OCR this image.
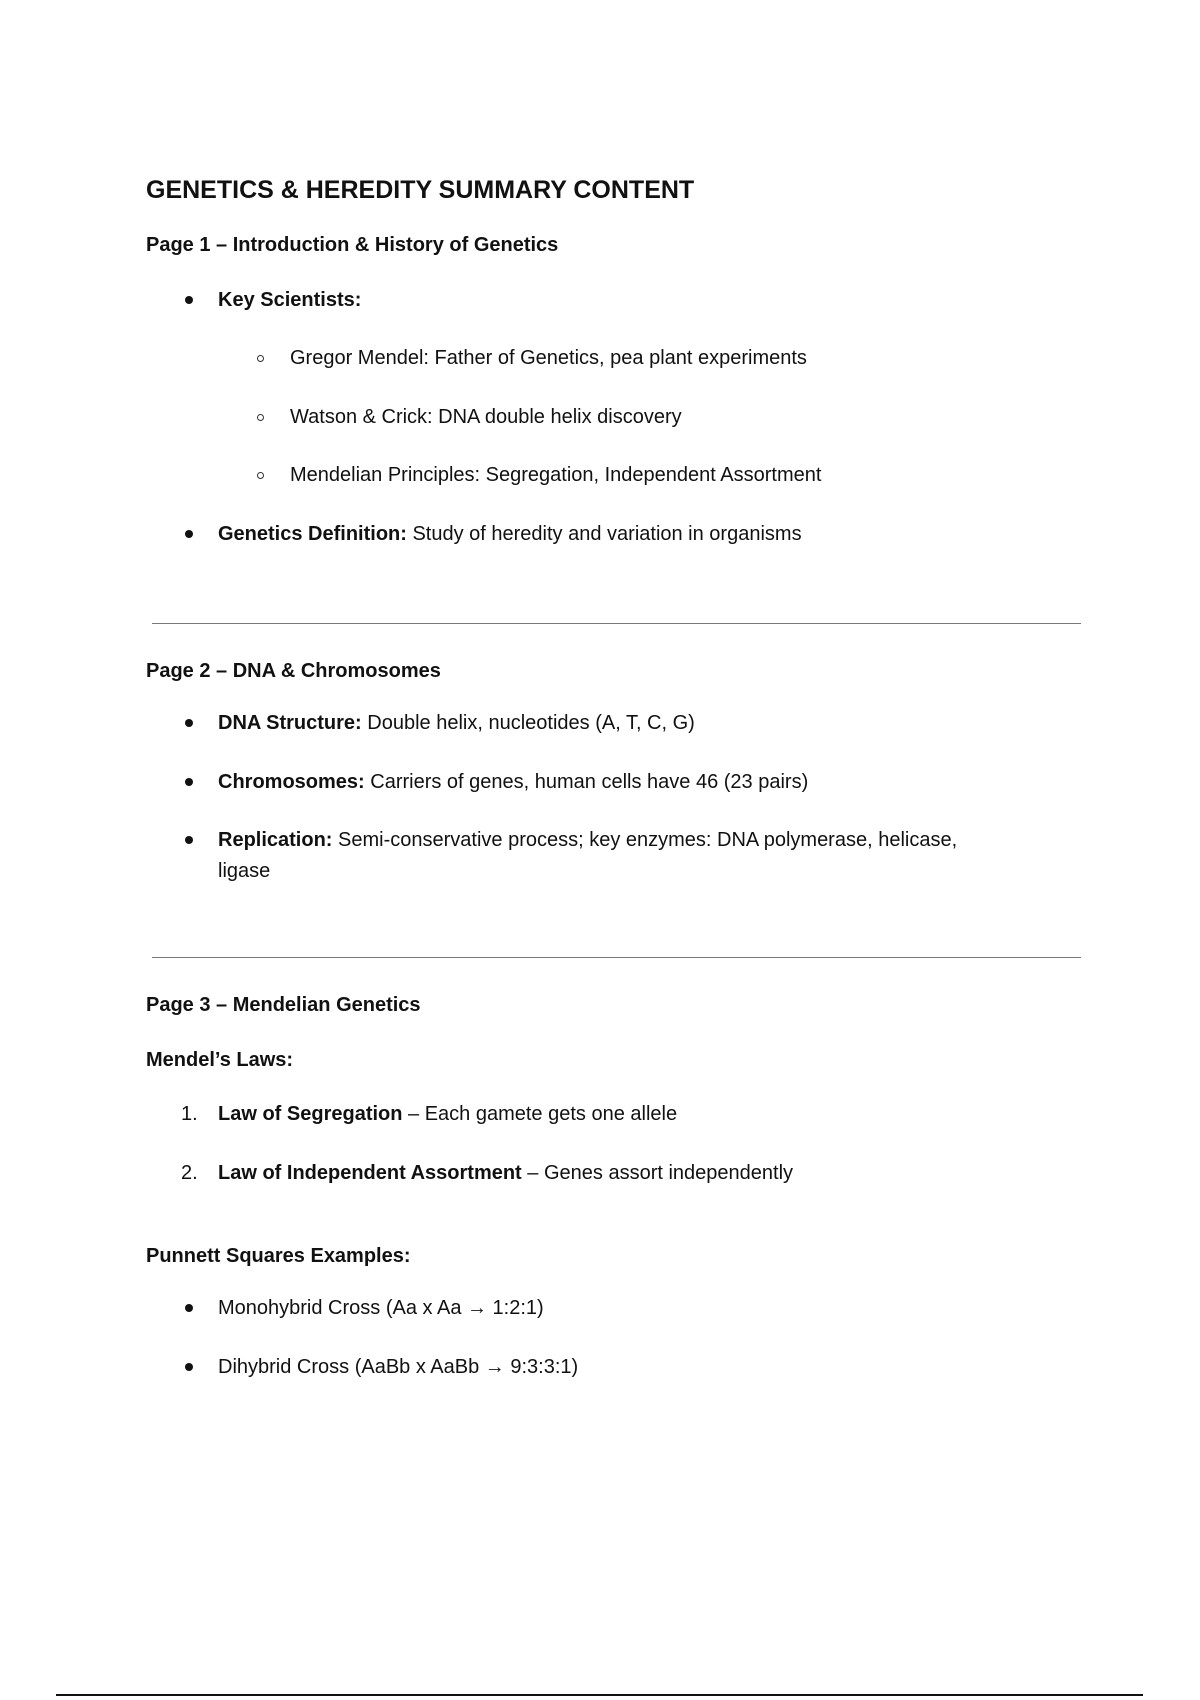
GENETICS & HEREDITY SUMMARY CONTENT
Page 1 – Introduction & History of Genetics
Key Scientists:
Gregor Mendel: Father of Genetics, pea plant experiments
Watson & Crick: DNA double helix discovery
Mendelian Principles: Segregation, Independent Assortment
Genetics Definition: Study of heredity and variation in organisms
Page 2 – DNA & Chromosomes
DNA Structure: Double helix, nucleotides (A, T, C, G)
Chromosomes: Carriers of genes, human cells have 46 (23 pairs)
Replication: Semi-conservative process; key enzymes: DNA polymerase, helicase,
ligase
Page 3 – Mendelian Genetics
Mendel’s Laws:
1. Law of Segregation – Each gamete gets one allele
2. Law of Independent Assortment – Genes assort independently
Punnett Squares Examples:
Monohybrid Cross (Aa x Aa → 1:2:1)
Dihybrid Cross (AaBb x AaBb → 9:3:3:1)
